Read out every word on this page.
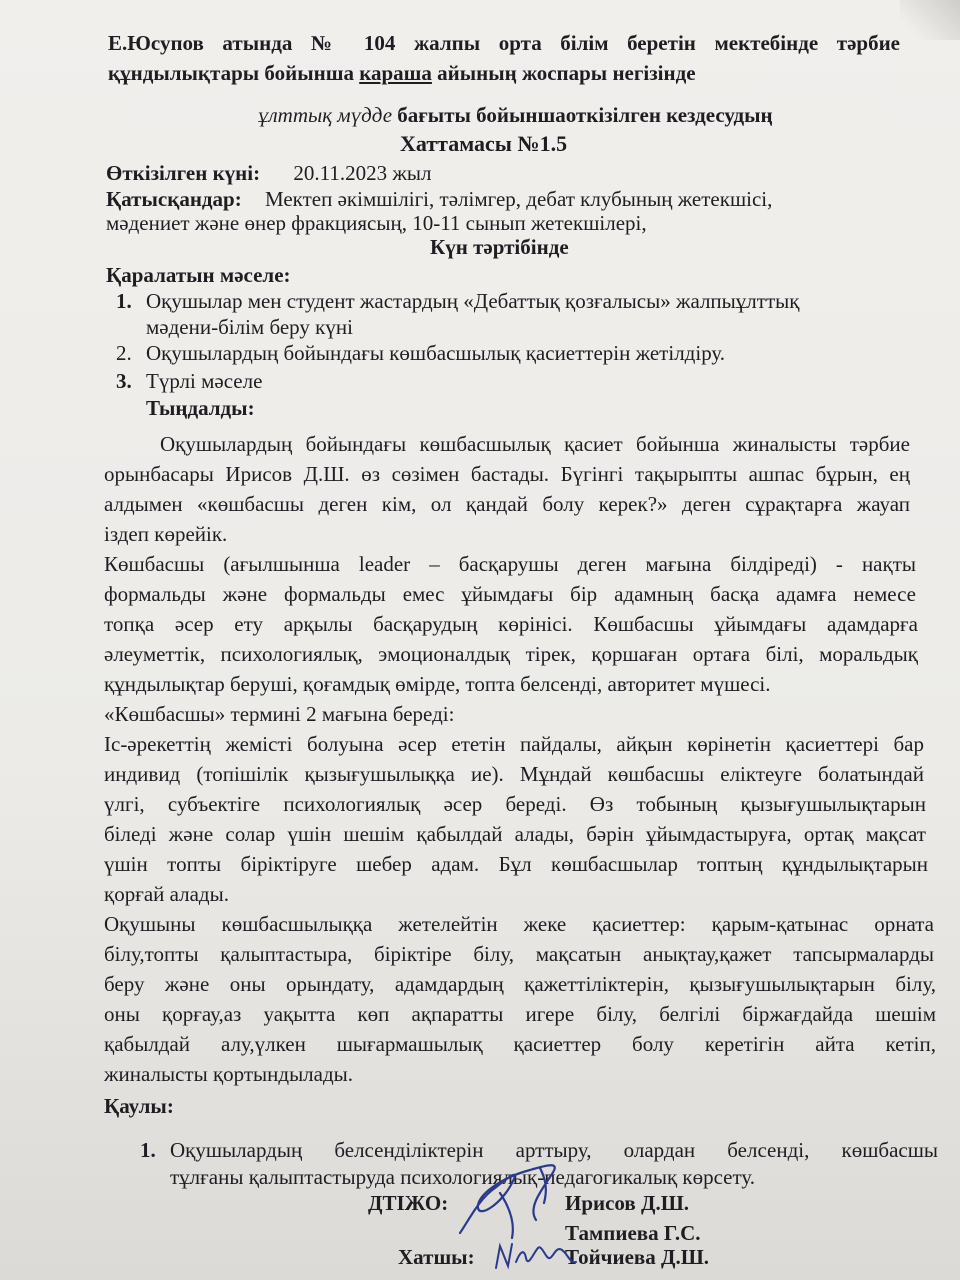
Е.Юсупов атында № 104 жалпы орта білім беретін мектебінде тәрбие
құндылықтары бойынша караша айының жоспары негізінде
ұлттық мүдде бағыты бойыншаоткізілген кездесудың
Хаттамасы №1.5
Өткізілген күні: 20.11.2023 жыл
Қатысқандар: Мектеп әкімшілігі, тәлімгер, дебат клубының жетекшісі,
мәдениет және өнер фракциясың, 10-11 сынып жетекшілері,
Күн тәртібінде
Қаралатын мәселе:
1. Оқушылар мен студент жастардың «Дебаттық қозғалысы» жалпыұлттық
мәдени-білім беру күні
2. Оқушылардың бойындағы көшбасшылық қасиеттерін жетілдіру.
3. Түрлі мәселе
Тыңдалды:
Оқушылардың бойындағы көшбасшылық қасиет бойынша жиналысты тәрбие
орынбасары Ирисов Д.Ш. өз сөзімен бастады. Бүгінгі тақырыпты ашпас бұрын, ең
алдымен «көшбасшы деген кім, ол қандай болу керек?» деген сұрақтарға жауап
іздеп көрейік.
Көшбасшы (ағылшынша leader – басқарушы деген мағына білдіреді) - нақты
формальды және формальды емес ұйымдағы бір адамның басқа адамға немесе
топқа әсер ету арқылы басқарудың көрінісі. Көшбасшы ұйымдағы адамдарға
әлеуметтік, психологиялық, эмоционалдық тірек, қоршаған ортаға білі, моральдық
құндылықтар беруші, қоғамдық өмірде, топта белсенді, авторитет мүшесі.
«Көшбасшы» термині 2 мағына береді:
Іс-әрекеттің жемісті болуына әсер ететін пайдалы, айқын көрінетін қасиеттері бар
индивид (топішілік қызығушылыққа ие). Мұндай көшбасшы еліктеуге болатындай
үлгі, субъектіге психологиялық әсер береді. Өз тобының қызығушылықтарын
біледі және солар үшін шешім қабылдай алады, бәрін ұйымдастыруға, ортақ мақсат
үшін топты біріктіруге шебер адам. Бұл көшбасшылар топтың құндылықтарын
қорғай алады.
Оқушыны көшбасшылыққа жетелейтін жеке қасиеттер: қарым-қатынас орната
білу,топты қалыптастыра, біріктіре білу, мақсатын анықтау,қажет тапсырмаларды
беру және оны орындату, адамдардың қажеттіліктерін, қызығушылықтарын білу,
оны қорғау,аз уақытта көп ақпаратты игере білу, белгілі біржағдайда шешім
қабылдай алу,үлкен шығармашылық қасиеттер болу керетігін айта кетіп,
жиналысты қортындылады.
Қаулы:
1. Оқушылардың белсенділіктерін арттыру, олардан белсенді, көшбасшы
тұлғаны қалыптастыруда психологиялық-педагогикалық көрсету.
ДТІЖО:	Ирисов Д.Ш.
Тампиева Г.С.
Хатшы:	Тойчиева Д.Ш.
